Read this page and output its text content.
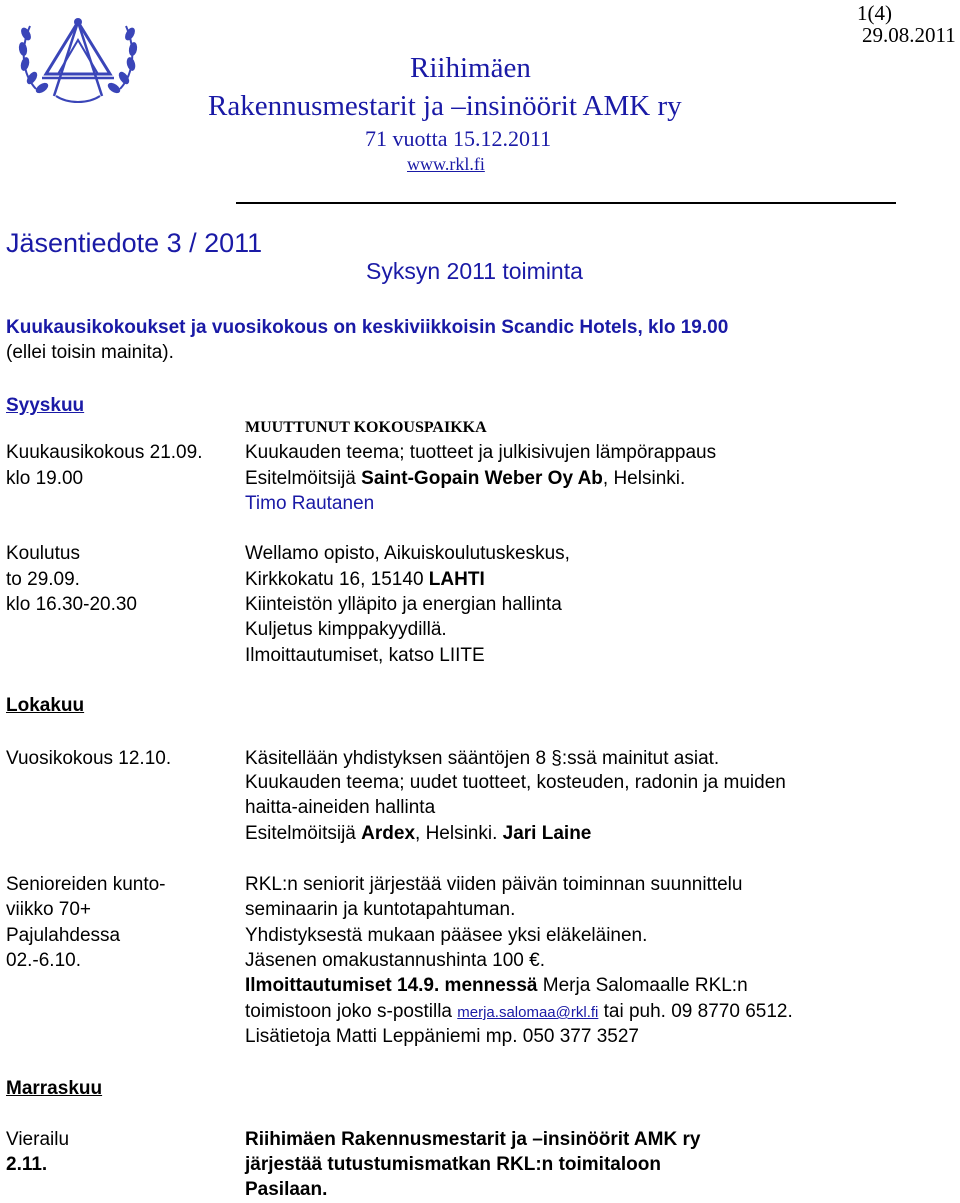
1(4)
29.08.2011
Riihimäen
Rakennusmestarit ja –insinöörit AMK ry
71 vuotta 15.12.2011
www.rkl.fi
Jäsentiedote 3 / 2011
Syksyn 2011 toiminta
Kuukausikokoukset ja vuosikokous on keskiviikkoisin Scandic Hotels, klo 19.00
(ellei toisin mainita).
Syyskuu
MUUTTUNUT KOKOUSPAIKKA
Kuukausikokous 21.09.
klo 19.00
Kuukauden teema; tuotteet ja julkisivujen lämpörappaus
Esitelmöitsijä Saint-Gopain Weber Oy Ab, Helsinki.
Timo Rautanen
Koulutus
to 29.09.
klo 16.30-20.30
Wellamo opisto, Aikuiskoulutuskeskus,
Kirkkokatu 16, 15140 LAHTI
Kiinteistön ylläpito ja energian hallinta
Kuljetus kimppakyydillä.
Ilmoittautumiset, katso LIITE
Lokakuu
Vuosikokous 12.10.	Käsitellään yhdistyksen sääntöjen 8 §:ssä mainitut asiat.
Kuukauden teema; uudet tuotteet, kosteuden, radonin ja muiden
haitta-aineiden hallinta
Esitelmöitsijä Ardex, Helsinki. Jari Laine
Senioreiden kunto-
viikko 70+
Pajulahdessa
02.-6.10.
RKL:n seniorit järjestää viiden päivän toiminnan suunnittelu
seminaarin ja kuntotapahtuman.
Yhdistyksestä mukaan pääsee yksi eläkeläinen.
Jäsenen omakustannushinta 100 €.
Ilmoittautumiset 14.9. mennessä Merja Salomaalle RKL:n
toimistoon joko s-postilla merja.salomaa@rkl.fi tai puh. 09 8770 6512.
Lisätietoja Matti Leppäniemi mp. 050 377 3527
Marraskuu
Vierailu
2.11.
Riihimäen Rakennusmestarit ja –insinöörit AMK ry
järjestää tutustumismatkan RKL:n toimitaloon
Pasilaan.
